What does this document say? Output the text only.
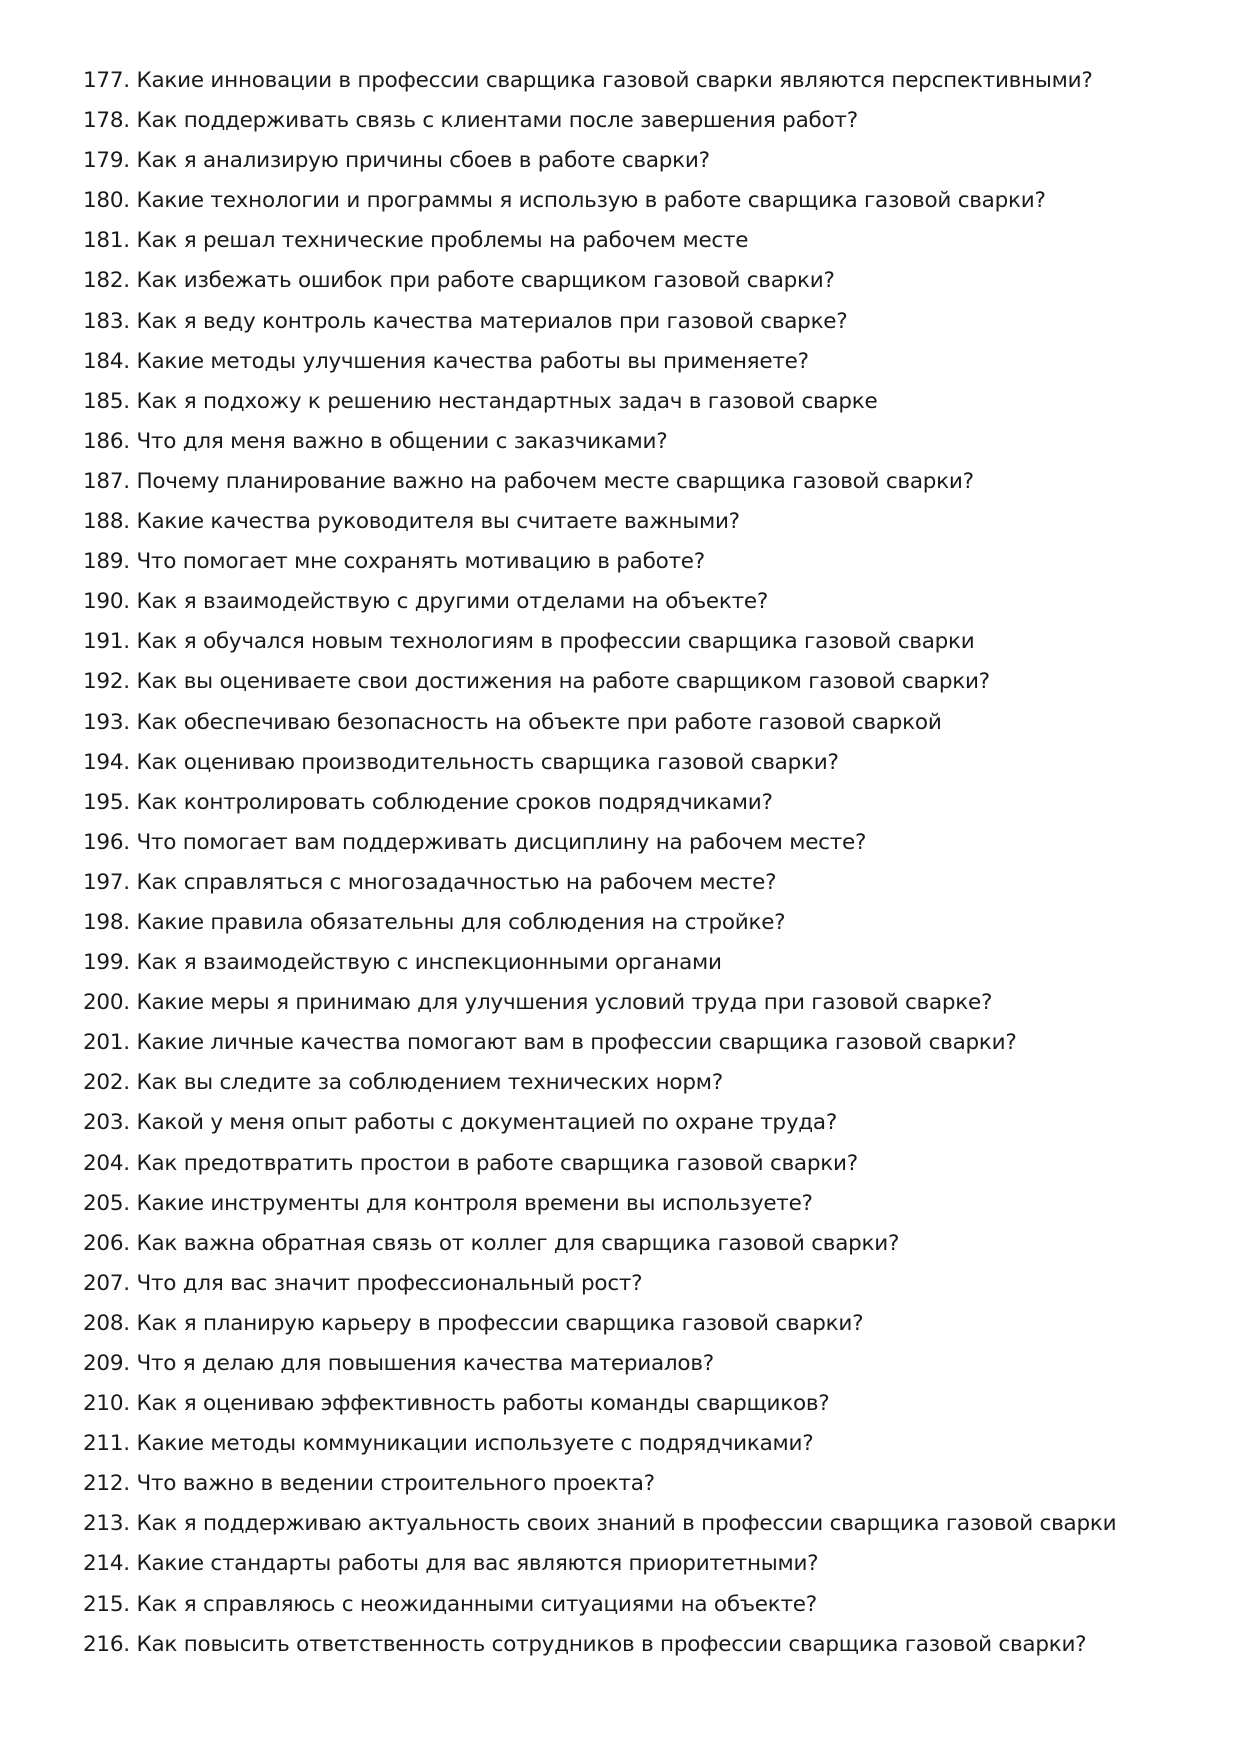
177. Какие инновации в профессии сварщика газовой сварки являются перспективными?
178. Как поддерживать связь с клиентами после завершения работ?
179. Как я анализирую причины сбоев в работе сварки?
180. Какие технологии и программы я использую в работе сварщика газовой сварки?
181. Как я решал технические проблемы на рабочем месте
182. Как избежать ошибок при работе сварщиком газовой сварки?
183. Как я веду контроль качества материалов при газовой сварке?
184. Какие методы улучшения качества работы вы применяете?
185. Как я подхожу к решению нестандартных задач в газовой сварке
186. Что для меня важно в общении с заказчиками?
187. Почему планирование важно на рабочем месте сварщика газовой сварки?
188. Какие качества руководителя вы считаете важными?
189. Что помогает мне сохранять мотивацию в работе?
190. Как я взаимодействую с другими отделами на объекте?
191. Как я обучался новым технологиям в профессии сварщика газовой сварки
192. Как вы оцениваете свои достижения на работе сварщиком газовой сварки?
193. Как обеспечиваю безопасность на объекте при работе газовой сваркой
194. Как оцениваю производительность сварщика газовой сварки?
195. Как контролировать соблюдение сроков подрядчиками?
196. Что помогает вам поддерживать дисциплину на рабочем месте?
197. Как справляться с многозадачностью на рабочем месте?
198. Какие правила обязательны для соблюдения на стройке?
199. Как я взаимодействую с инспекционными органами
200. Какие меры я принимаю для улучшения условий труда при газовой сварке?
201. Какие личные качества помогают вам в профессии сварщика газовой сварки?
202. Как вы следите за соблюдением технических норм?
203. Какой у меня опыт работы с документацией по охране труда?
204. Как предотвратить простои в работе сварщика газовой сварки?
205. Какие инструменты для контроля времени вы используете?
206. Как важна обратная связь от коллег для сварщика газовой сварки?
207. Что для вас значит профессиональный рост?
208. Как я планирую карьеру в профессии сварщика газовой сварки?
209. Что я делаю для повышения качества материалов?
210. Как я оцениваю эффективность работы команды сварщиков?
211. Какие методы коммуникации используете с подрядчиками?
212. Что важно в ведении строительного проекта?
213. Как я поддерживаю актуальность своих знаний в профессии сварщика газовой сварки
214. Какие стандарты работы для вас являются приоритетными?
215. Как я справляюсь с неожиданными ситуациями на объекте?
216. Как повысить ответственность сотрудников в профессии сварщика газовой сварки?
